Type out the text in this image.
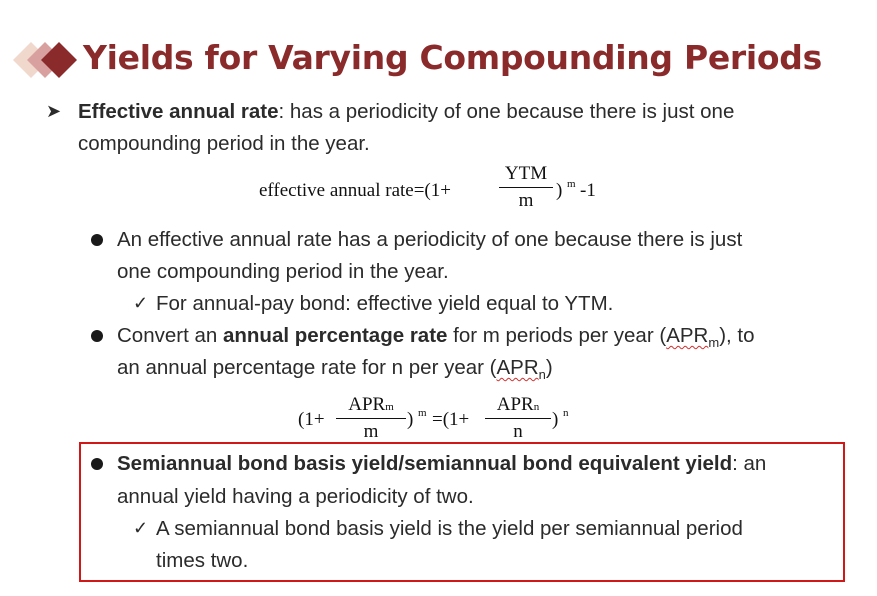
Yields for Varying Compounding Periods
➤ Effective annual rate: has a periodicity of one because there is just one
compounding period in the year.
effective annual rate=(1+
YTM
m	) m -1
An effective annual rate has a periodicity of one because there is just
one compounding period in the year.
✓ For annual-pay bond: effective yield equal to YTM.
Convert an annual percentage rate for m periods per year $(APR_m)$, to
an annual percentage rate for n per year $(APR_n)$
(1+
APRm
m
) m =(1+
APRn
n
) n
Semiannual bond basis yield/semiannual bond equivalent yield: an
annual yield having a periodicity of two.
✓ A semiannual bond basis yield is the yield per semiannual period
times two.
